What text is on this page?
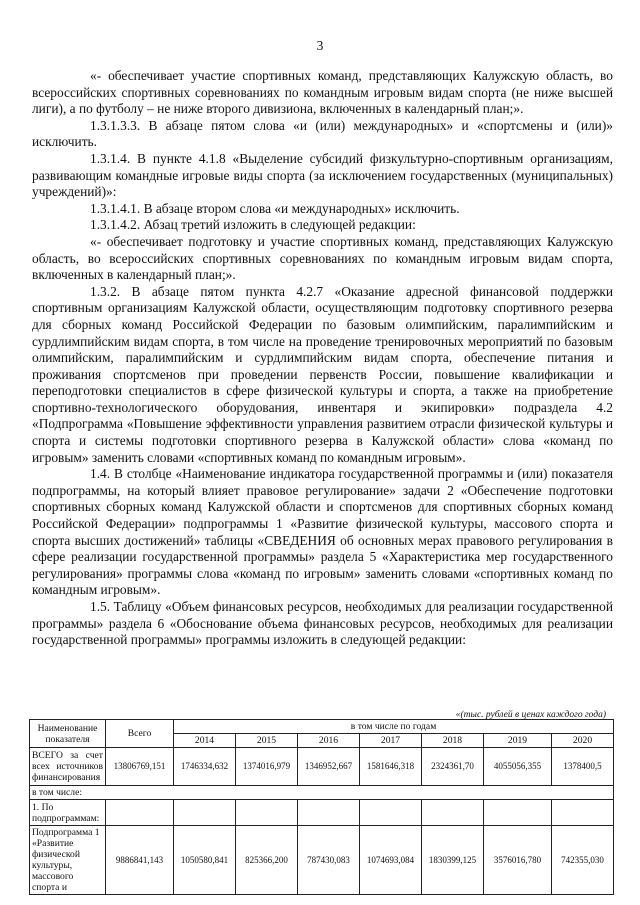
3

«- обеспечивает участие спортивных команд, представляющих Калужскую область, во всероссийских спортивных соревнованиях по командным игровым видам спорта (не ниже высшей лиги), а по футболу – не ниже второго дивизиона, включенных в календарный план;».

1.3.1.3.3. В абзаце пятом слова «и (или) международных» и «спортсмены и (или)» исключить.

1.3.1.4. В пункте 4.1.8 «Выделение субсидий физкультурно-спортивным организациям, развивающим командные игровые виды спорта (за исключением государственных (муниципальных) учреждений)»:

1.3.1.4.1. В абзаце втором слова «и международных» исключить.

1.3.1.4.2. Абзац третий изложить в следующей редакции:

«- обеспечивает подготовку и участие спортивных команд, представляющих Калужскую область, во всероссийских спортивных соревнованиях по командным игровым видам спорта, включенных в календарный план;».

1.3.2. В абзаце пятом пункта 4.2.7 «Оказание адресной финансовой поддержки спортивным организациям Калужской области, осуществляющим подготовку спортивного резерва для сборных команд Российской Федерации по базовым олимпийским, паралимпийским и сурдлимпийским видам спорта, в том числе на проведение тренировочных мероприятий по базовым олимпийским, паралимпийским и сурдлимпийским видам спорта, обеспечение питания и проживания спортсменов при проведении первенств России, повышение квалификации и переподготовки специалистов в сфере физической культуры и спорта, а также на приобретение спортивно-технологического оборудования, инвентаря и экипировки» подраздела 4.2 «Подпрограмма «Повышение эффективности управления развитием отрасли физической культуры и спорта и системы подготовки спортивного резерва в Калужской области» слова «команд по игровым» заменить словами «спортивных команд по командным игровым».

1.4. В столбце «Наименование индикатора государственной программы и (или) показателя подпрограммы, на который влияет правовое регулирование» задачи 2 «Обеспечение подготовки спортивных сборных команд Калужской области и спортсменов для спортивных сборных команд Российской Федерации» подпрограммы 1 «Развитие физической культуры, массового спорта и спорта высших достижений» таблицы «СВЕДЕНИЯ об основных мерах правового регулирования в сфере реализации государственной программы» раздела 5 «Характеристика мер государственного регулирования» программы слова «команд по игровым» заменить словами «спортивных команд по командным игровым».

1.5. Таблицу «Объем финансовых ресурсов, необходимых для реализации государственной программы» раздела 6 «Обоснование объема финансовых ресурсов, необходимых для реализации государственной программы» программы изложить в следующей редакции:

«(тыс. рублей в ценах каждого года)
Наименование показателя	Всего	в том числе по годам						
		2014	2015	2016	2017	2018	2019	2020
ВСЕГО за счет всех источников финансирования	13806769,151	1746334,632	1374016,979	1346952,667	1581646,318	2324361,70	4055056,355	1378400,5
в том числе:								
1. По подпрограммам:								
Подпрограмма 1 «Развитие физической культуры, массового спорта и	9886841,143	1050580,841	825366,200	787430,083	1074693,084	1830399,125	3576016,780	742355,030
